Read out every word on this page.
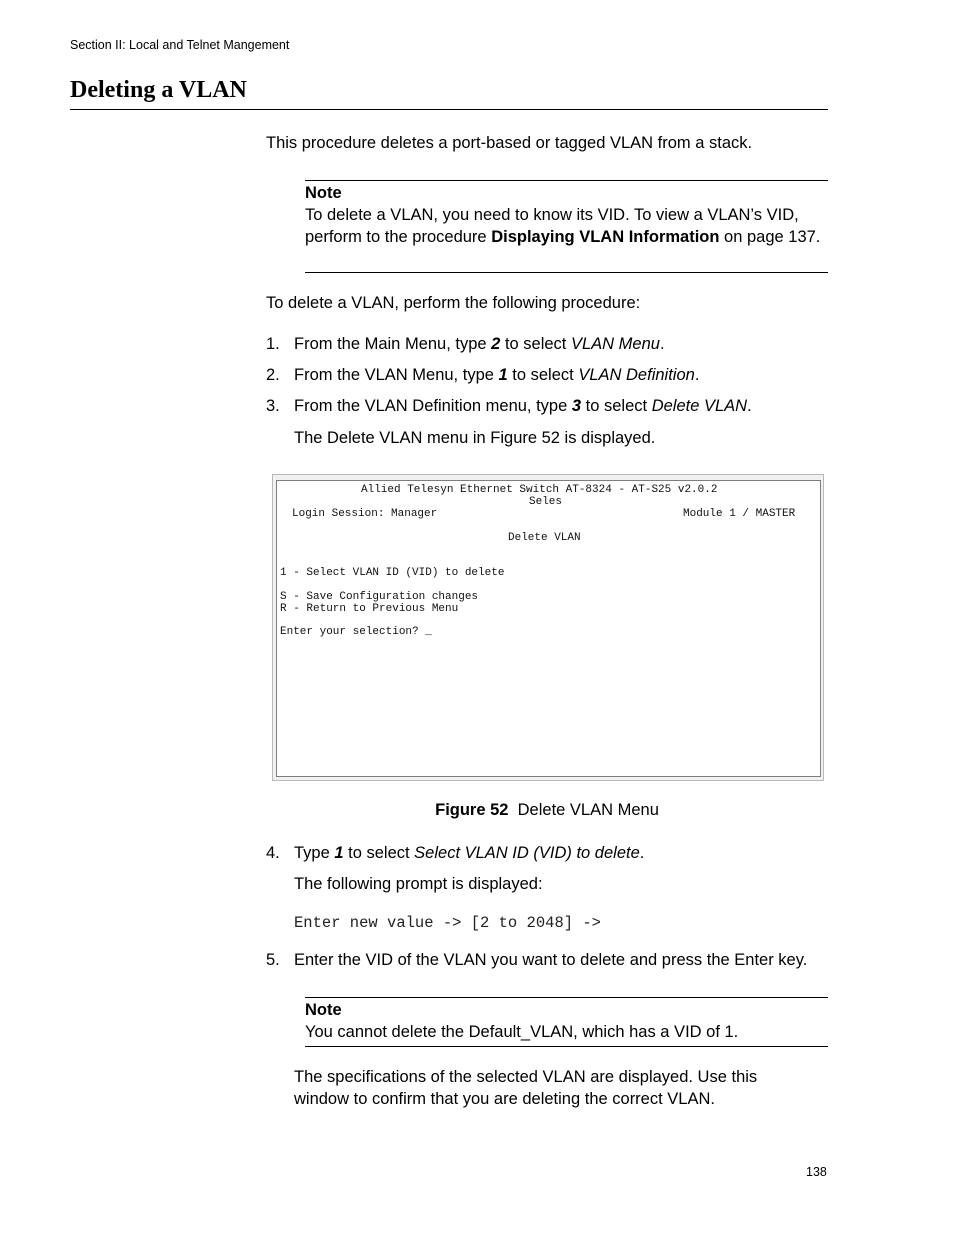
Section II: Local and Telnet Mangement
Deleting a VLAN
This procedure deletes a port-based or tagged VLAN from a stack.
Note
To delete a VLAN, you need to know its VID. To view a VLAN’s VID, perform to the procedure Displaying VLAN Information on page 137.
To delete a VLAN, perform the following procedure:
1. From the Main Menu, type 2 to select VLAN Menu.
2. From the VLAN Menu, type 1 to select VLAN Definition.
3. From the VLAN Definition menu, type 3 to select Delete VLAN.
The Delete VLAN menu in Figure 52 is displayed.
Allied Telesyn Ethernet Switch AT-8324 - AT-S25 v2.0.2
Seles
Login Session: Manager	Module 1 / MASTER
Delete VLAN
1 - Select VLAN ID (VID) to delete
S - Save Configuration changes
R - Return to Previous Menu
Enter your selection? _
Figure 52 Delete VLAN Menu
4. Type 1 to select Select VLAN ID (VID) to delete.
The following prompt is displayed:
Enter new value -> [2 to 2048] ->
5. Enter the VID of the VLAN you want to delete and press the Enter key.
Note
You cannot delete the Default_VLAN, which has a VID of 1.
The specifications of the selected VLAN are displayed. Use this window to confirm that you are deleting the correct VLAN.
138
